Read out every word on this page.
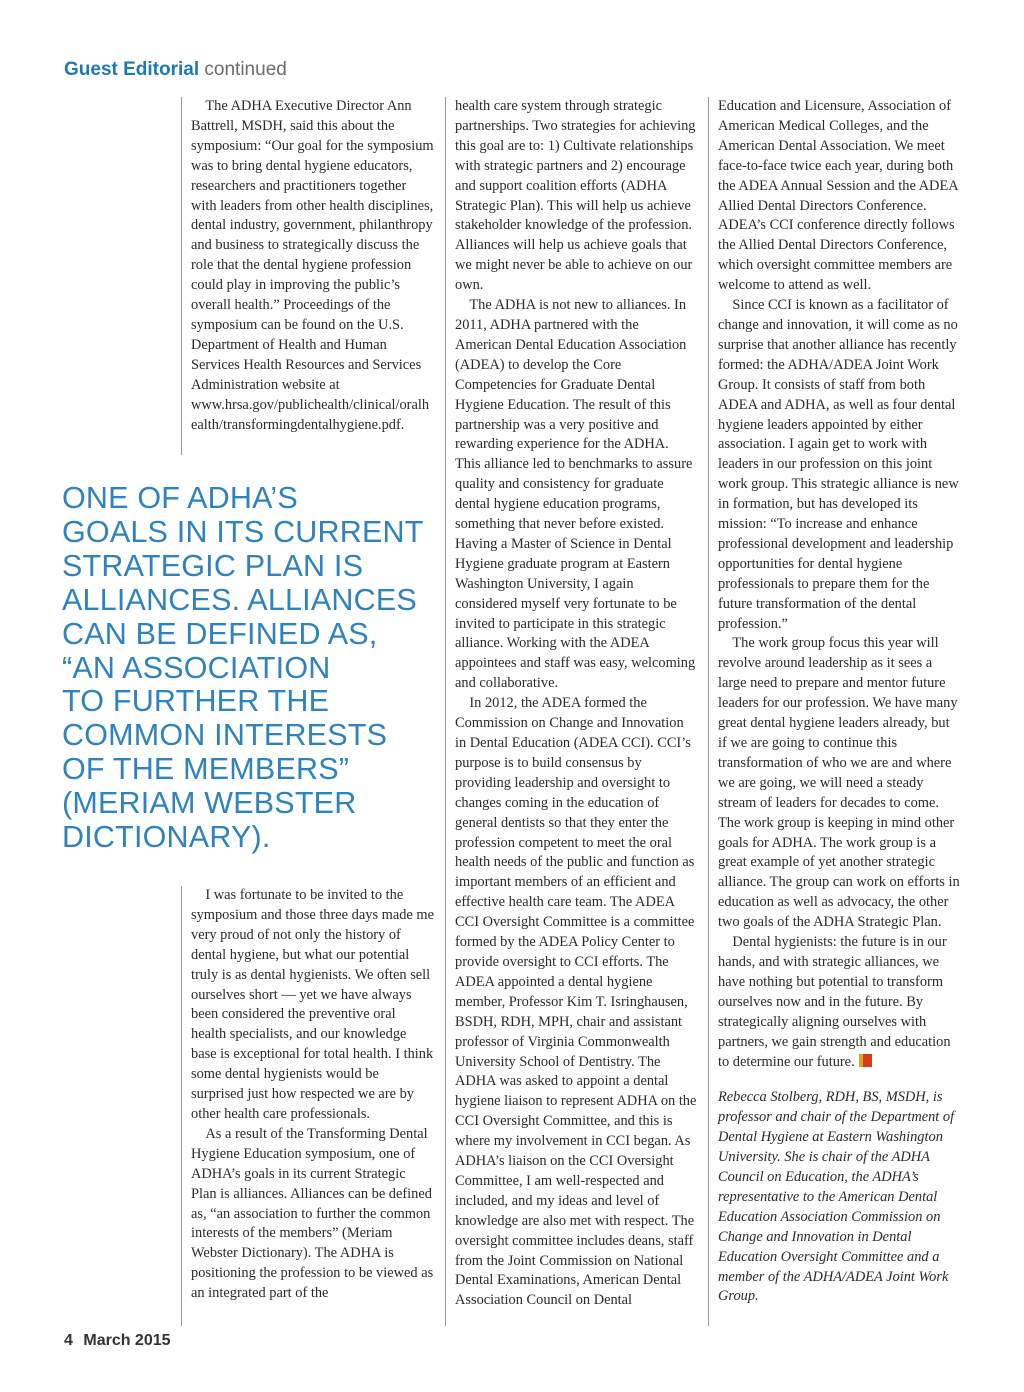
Guest Editorial continued

The ADHA Executive Director Ann Battrell, MSDH, said this about the symposium: “Our goal for the symposium was to bring dental hygiene educators, researchers and practitioners together with leaders from other health disciplines, dental industry, government, philanthropy and business to strategically discuss the role that the dental hygiene profession could play in improving the public’s overall health.” Proceedings of the symposium can be found on the U.S. Department of Health and Human Services Health Resources and Services Administration website at www.hrsa.gov/publichealth/clinical/oralhealth/transformingdentalhygiene.pdf.

ONE OF ADHA’S
GOALS IN ITS CURRENT
STRATEGIC PLAN IS
ALLIANCES. ALLIANCES
CAN BE DEFINED AS,
“AN ASSOCIATION
TO FURTHER THE
COMMON INTERESTS
OF THE MEMBERS”
(MERIAM WEBSTER
DICTIONARY).

I was fortunate to be invited to the symposium and those three days made me very proud of not only the history of dental hygiene, but what our potential truly is as dental hygienists. We often sell ourselves short — yet we have always been considered the preventive oral health specialists, and our knowledge base is exceptional for total health. I think some dental hygienists would be surprised just how respected we are by other health care professionals.

As a result of the Transforming Dental Hygiene Education symposium, one of ADHA’s goals in its current Strategic Plan is alliances. Alliances can be defined as, “an association to further the common interests of the members” (Meriam Webster Dictionary). The ADHA is positioning the profession to be viewed as an integrated part of the

health care system through strategic partnerships. Two strategies for achieving this goal are to: 1) Cultivate relationships with strategic partners and 2) encourage and support coalition efforts (ADHA Strategic Plan). This will help us achieve stakeholder knowledge of the profession. Alliances will help us achieve goals that we might never be able to achieve on our own.

The ADHA is not new to alliances. In 2011, ADHA partnered with the American Dental Education Association (ADEA) to develop the Core Competencies for Graduate Dental Hygiene Education. The result of this partnership was a very positive and rewarding experience for the ADHA. This alliance led to benchmarks to assure quality and consistency for graduate dental hygiene education programs, something that never before existed. Having a Master of Science in Dental Hygiene graduate program at Eastern Washington University, I again considered myself very fortunate to be invited to participate in this strategic alliance. Working with the ADEA appointees and staff was easy, welcoming and collaborative.

In 2012, the ADEA formed the Commission on Change and Innovation in Dental Education (ADEA CCI). CCI’s purpose is to build consensus by providing leadership and oversight to changes coming in the education of general dentists so that they enter the profession competent to meet the oral health needs of the public and function as important members of an efficient and effective health care team. The ADEA CCI Oversight Committee is a committee formed by the ADEA Policy Center to provide oversight to CCI efforts. The ADEA appointed a dental hygiene member, Professor Kim T. Isringhausen, BSDH, RDH, MPH, chair and assistant professor of Virginia Commonwealth University School of Dentistry. The ADHA was asked to appoint a dental hygiene liaison to represent ADHA on the CCI Oversight Committee, and this is where my involvement in CCI began. As ADHA’s liaison on the CCI Oversight Committee, I am well-respected and included, and my ideas and level of knowledge are also met with respect. The oversight committee includes deans, staff from the Joint Commission on National Dental Examinations, American Dental Association Council on Dental

Education and Licensure, Association of American Medical Colleges, and the American Dental Association. We meet face-to-face twice each year, during both the ADEA Annual Session and the ADEA Allied Dental Directors Conference. ADEA’s CCI conference directly follows the Allied Dental Directors Conference, which oversight committee members are welcome to attend as well.

Since CCI is known as a facilitator of change and innovation, it will come as no surprise that another alliance has recently formed: the ADHA/ADEA Joint Work Group. It consists of staff from both ADEA and ADHA, as well as four dental hygiene leaders appointed by either association. I again get to work with leaders in our profession on this joint work group. This strategic alliance is new in formation, but has developed its mission: “To increase and enhance professional development and leadership opportunities for dental hygiene professionals to prepare them for the future transformation of the dental profession.”

The work group focus this year will revolve around leadership as it sees a large need to prepare and mentor future leaders for our profession. We have many great dental hygiene leaders already, but if we are going to continue this transformation of who we are and where we are going, we will need a steady stream of leaders for decades to come. The work group is keeping in mind other goals for ADHA. The work group is a great example of yet another strategic alliance. The group can work on efforts in education as well as advocacy, the other two goals of the ADHA Strategic Plan.

Dental hygienists: the future is in our hands, and with strategic alliances, we have nothing but potential to transform ourselves now and in the future. By strategically aligning ourselves with partners, we gain strength and education to determine our future.

Rebecca Stolberg, RDH, BS, MSDH, is professor and chair of the Department of Dental Hygiene at Eastern Washington University. She is chair of the ADHA Council on Education, the ADHA’s representative to the American Dental Education Association Commission on Change and Innovation in Dental Education Oversight Committee and a member of the ADHA/ADEA Joint Work Group.

4 March 2015
